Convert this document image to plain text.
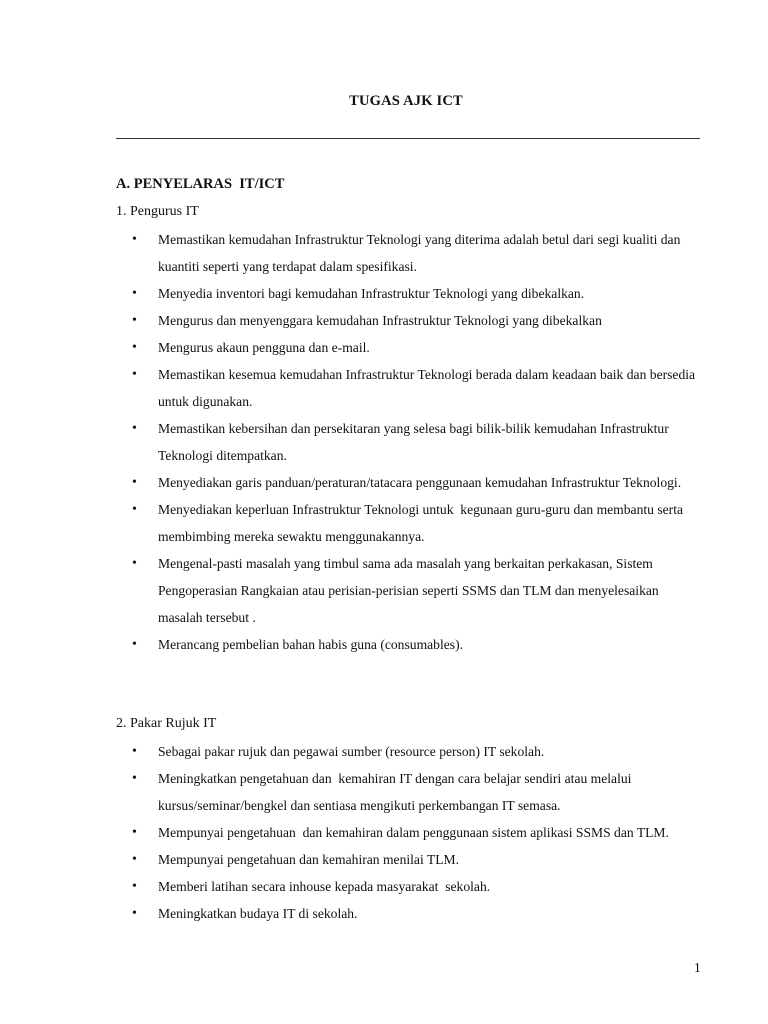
TUGAS AJK ICT
A. PENYELARAS  IT/ICT
1. Pengurus IT
• Memastikan kemudahan Infrastruktur Teknologi yang diterima adalah betul dari segi kualiti dan kuantiti seperti yang terdapat dalam spesifikasi.
• Menyedia inventori bagi kemudahan Infrastruktur Teknologi yang dibekalkan.
• Mengurus dan menyenggara kemudahan Infrastruktur Teknologi yang dibekalkan
• Mengurus akaun pengguna dan e-mail.
• Memastikan kesemua kemudahan Infrastruktur Teknologi berada dalam keadaan baik dan bersedia untuk digunakan.
• Memastikan kebersihan dan persekitaran yang selesa bagi bilik-bilik kemudahan Infrastruktur Teknologi ditempatkan.
• Menyediakan garis panduan/peraturan/tatacara penggunaan kemudahan Infrastruktur Teknologi.
• Menyediakan keperluan Infrastruktur Teknologi untuk  kegunaan guru-guru dan membantu serta membimbing mereka sewaktu menggunakannya.
• Mengenal-pasti masalah yang timbul sama ada masalah yang berkaitan perkakasan, Sistem Pengoperasian Rangkaian atau perisian-perisian seperti SSMS dan TLM dan menyelesaikan masalah tersebut .
• Merancang pembelian bahan habis guna (consumables).
2. Pakar Rujuk IT
• Sebagai pakar rujuk dan pegawai sumber (resource person) IT sekolah.
• Meningkatkan pengetahuan dan  kemahiran IT dengan cara belajar sendiri atau melalui kursus/seminar/bengkel dan sentiasa mengikuti perkembangan IT semasa.
• Mempunyai pengetahuan  dan kemahiran dalam penggunaan sistem aplikasi SSMS dan TLM.
• Mempunyai pengetahuan dan kemahiran menilai TLM.
• Memberi latihan secara inhouse kepada masyarakat  sekolah.
• Meningkatkan budaya IT di sekolah.
1
